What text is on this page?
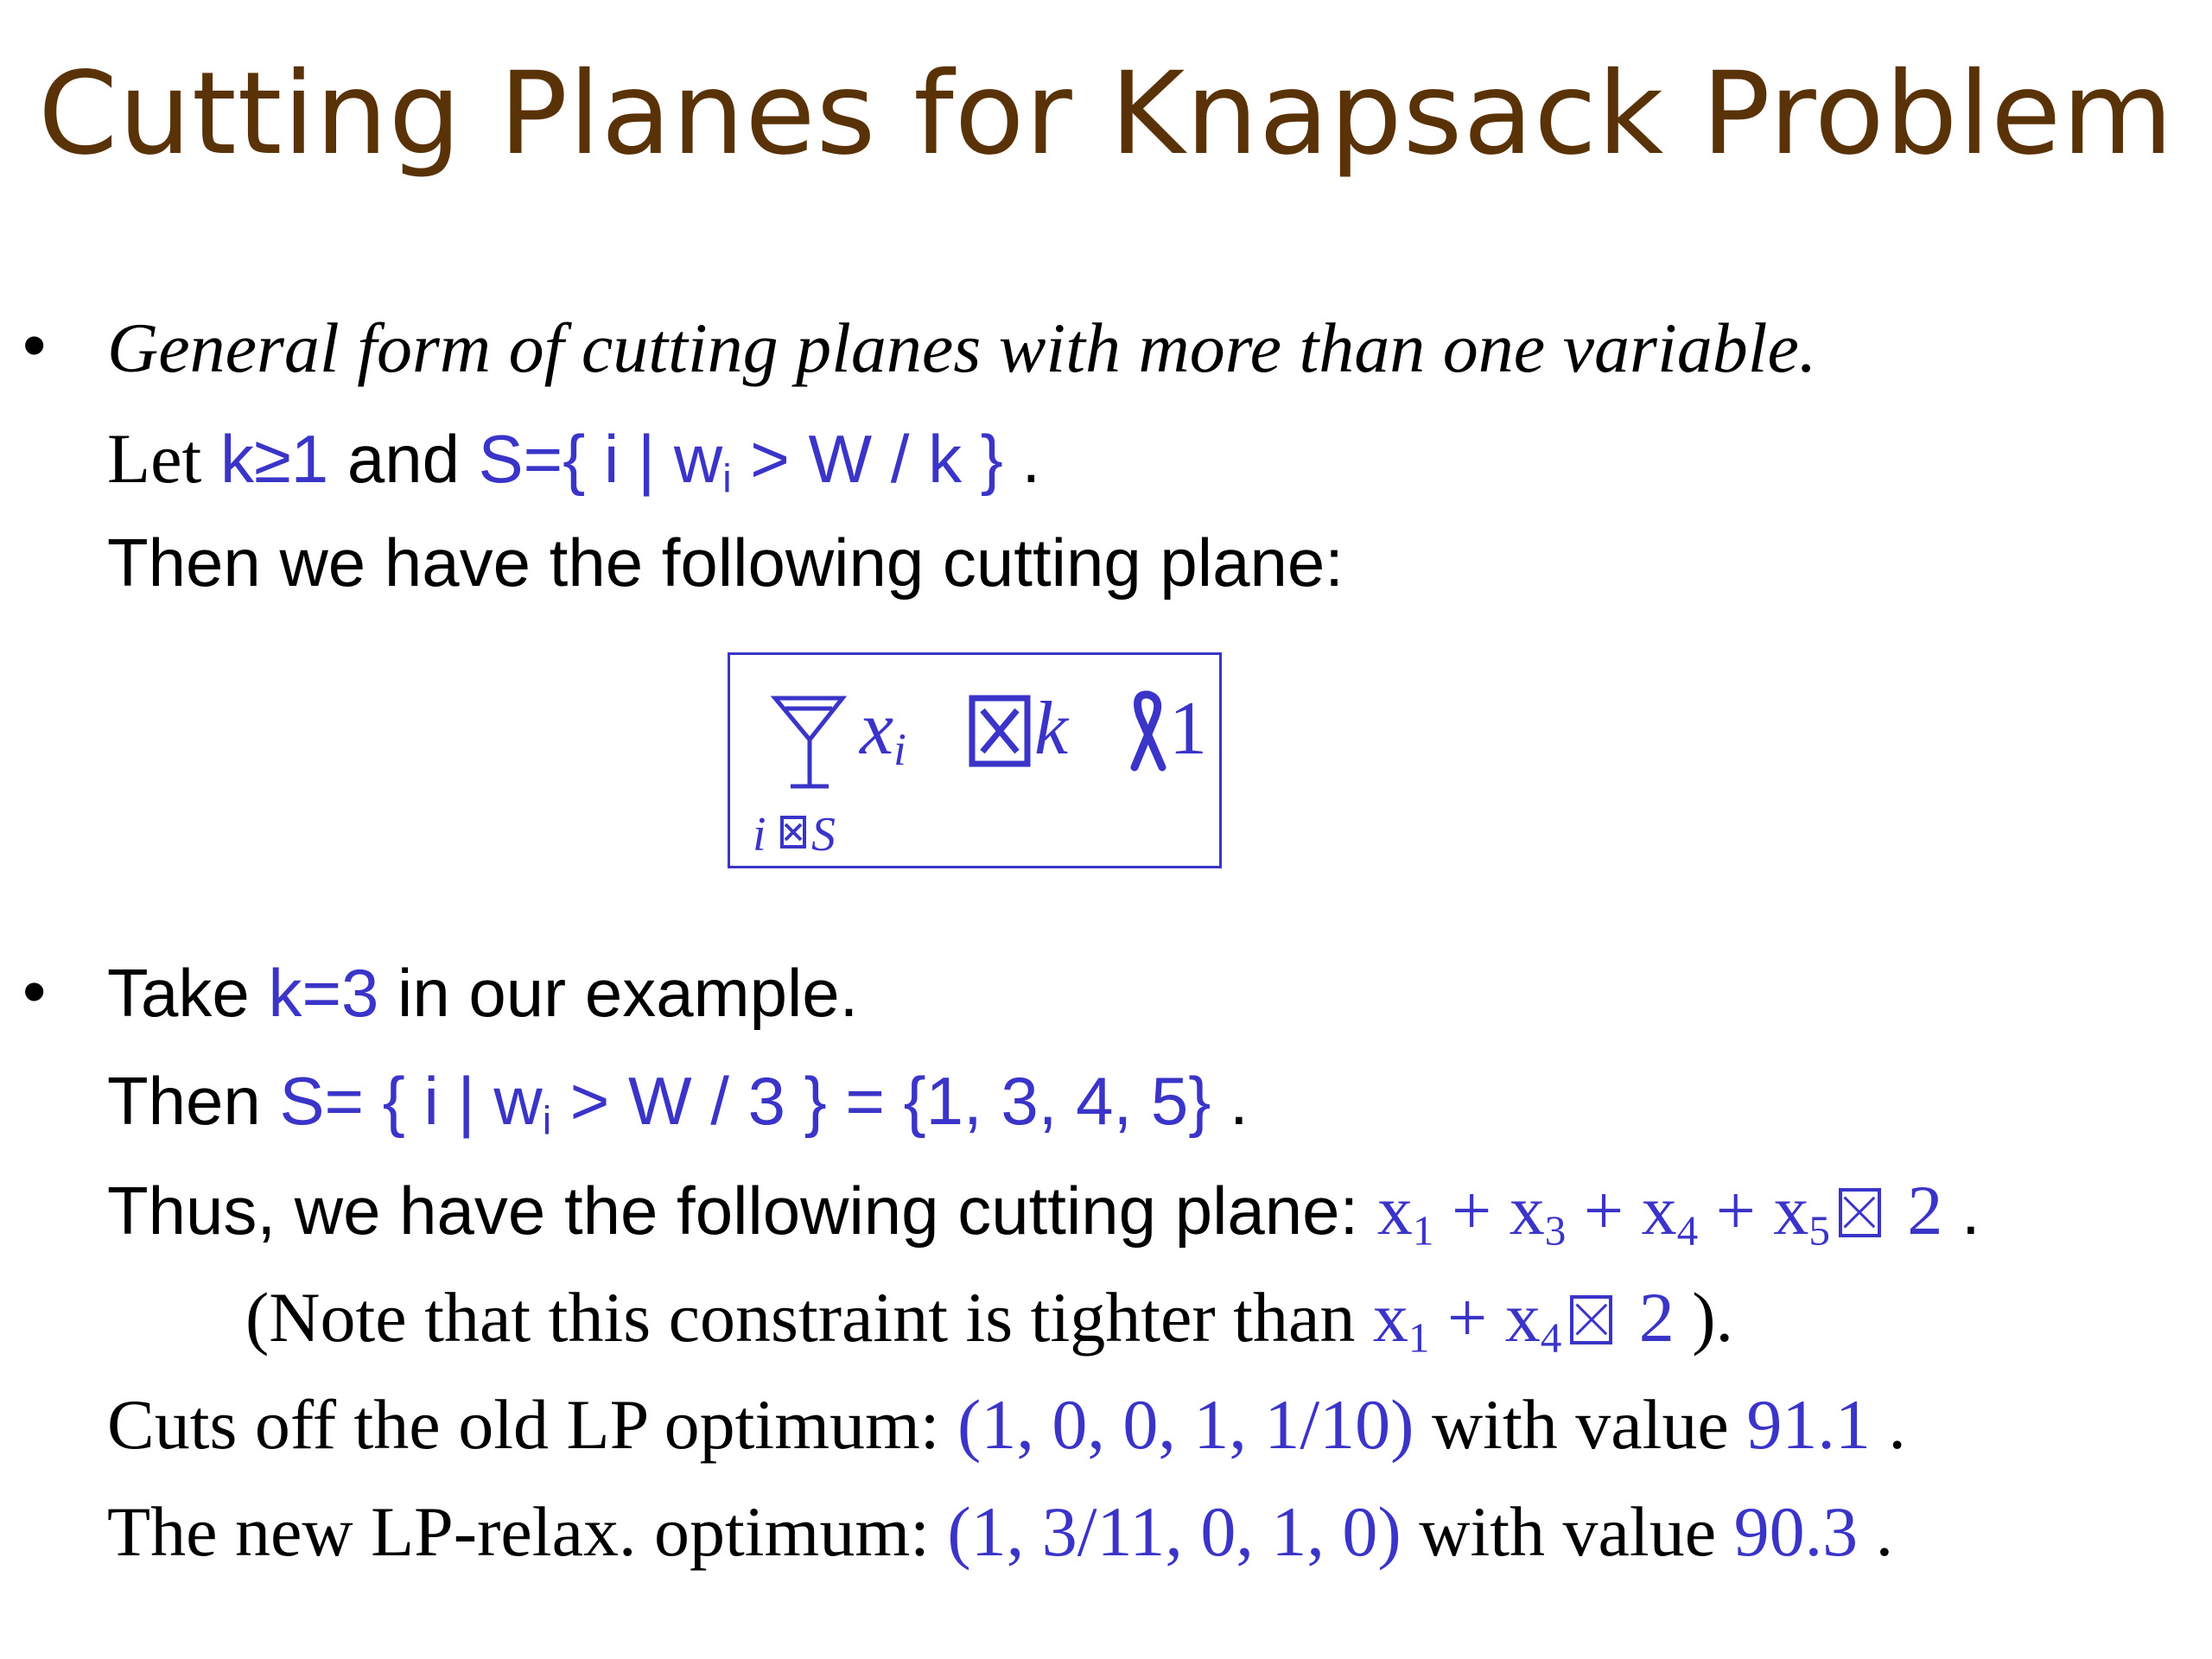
Cutting Planes for Knapsack Problem
• General form of cutting planes with more than one variable.
Let k≥1 and S={ i | $w_i > W / k$ } .
Then we have the following cutting plane:
$x_i$ k 1
i S
• Take k=3 in our example.
Then S= { i | $w_i > W / 3$ } = {1, 3, 4, 5} .
Thus, we have the following cutting plane: $x_1 + x_3 + x_4 + x_5$ 2 .
(Note that this constraint is tighter than $x_1 + x_4$ 2 ).
Cuts off the old LP optimum: (1, 0, 0, 1, 1/10) with value 91.1 .
The new LP-relax. optimum: (1, 3/11, 0, 1, 0) with value 90.3 .
